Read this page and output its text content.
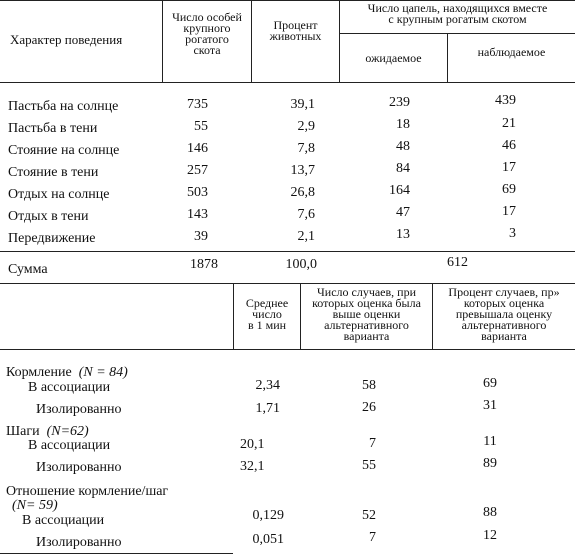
Характер поведения
Число особей
крупного
рогатого
скота
Процент
животных
Число цапель, находящихся вместе
с крупным рогатым скотом
ожидаемое	наблюдаемое
Пастьба на солнце	735	39,1	239	439
Пастьба в тени	55	2,9	18	21
Стояние на солнце	146	7,8	48	46
Стояние в тени	257	13,7	84	17
Отдых на солнце	503	26,8	164	69
Отдых в тени	143	7,6	47	17
Передвижение	39	2,1	13	3
Сумма	1878	100,0	612
Среднее
число
в 1 мин
Число случаев, при
которых оценка была
выше оценки
альтернативного
варианта
Процент случаев, пр»
которых оценка
превышала оценку
альтернативного
варианта
Кормление (N = 84)
В ассоциации	2,34	58	69
Изолированно	1,71	26	31
Шаги (N=62)
В ассоциации	20,1	7	11
Изолированно	32,1	55	89
Отношение кормление/шаг
(N= 59)
В ассоциации	0,129	52	88
Изолированно	0,051	7	12
